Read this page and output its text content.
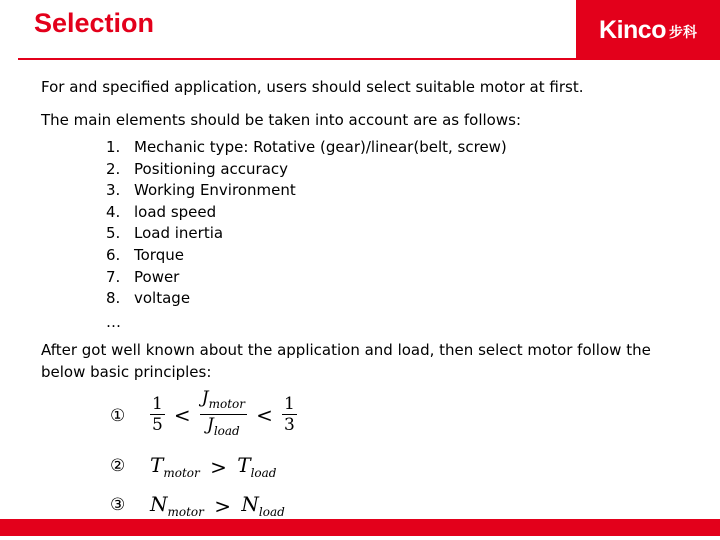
Selection	Kinco 步科
For and specified application, users should select suitable motor at first.
The main elements should be taken into account are as follows:
1. Mechanic type: Rotative (gear)/linear(belt, screw)
2. Positioning accuracy
3. Working Environment
4. load speed
5. Load inertia
6. Torque
7. Power
8. voltage
…
After got well known about the application and load, then select motor follow the below basic principles:
① $\frac{1}{5} < \frac{J_{motor}}{J_{load}} < \frac{1}{3}$
② $T_{motor} > T_{load}$
③ $N_{motor} > N_{load}$
